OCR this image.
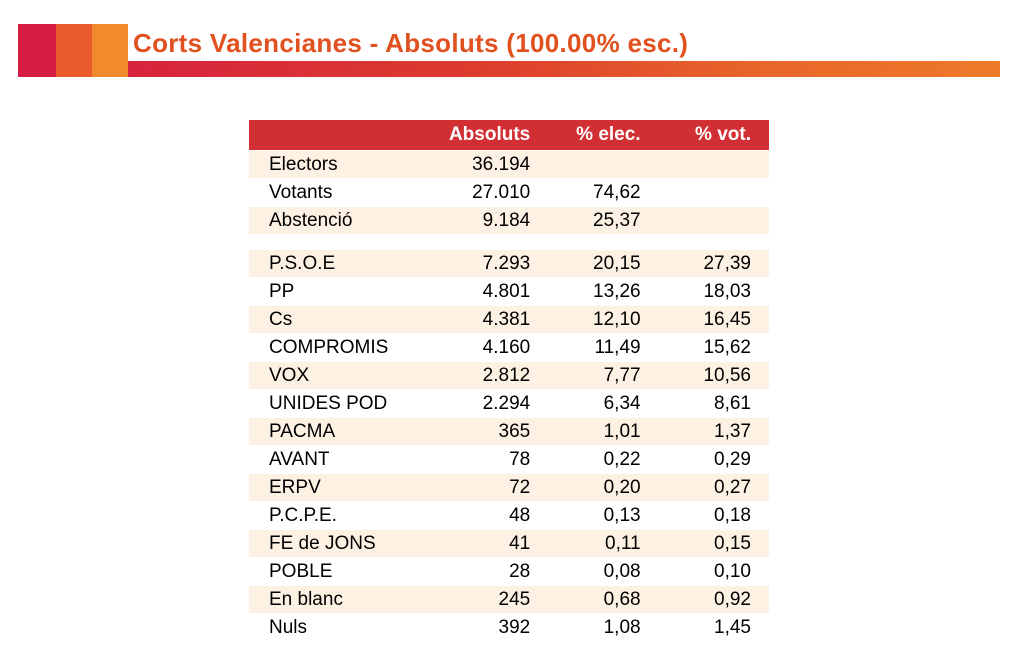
Corts Valencianes - Absoluts (100.00% esc.)
	Absoluts	% elec.	% vot.
Electors	36.194		
Votants	27.010	74,62	
Abstenció	9.184	25,37	

P.S.O.E	7.293	20,15	27,39
PP	4.801	13,26	18,03
Cs	4.381	12,10	16,45
COMPROMIS	4.160	11,49	15,62
VOX	2.812	7,77	10,56
UNIDES POD	2.294	6,34	8,61
PACMA	365	1,01	1,37
AVANT	78	0,22	0,29
ERPV	72	0,20	0,27
P.C.P.E.	48	0,13	0,18
FE de JONS	41	0,11	0,15
POBLE	28	0,08	0,10
En blanc	245	0,68	0,92
Nuls	392	1,08	1,45
